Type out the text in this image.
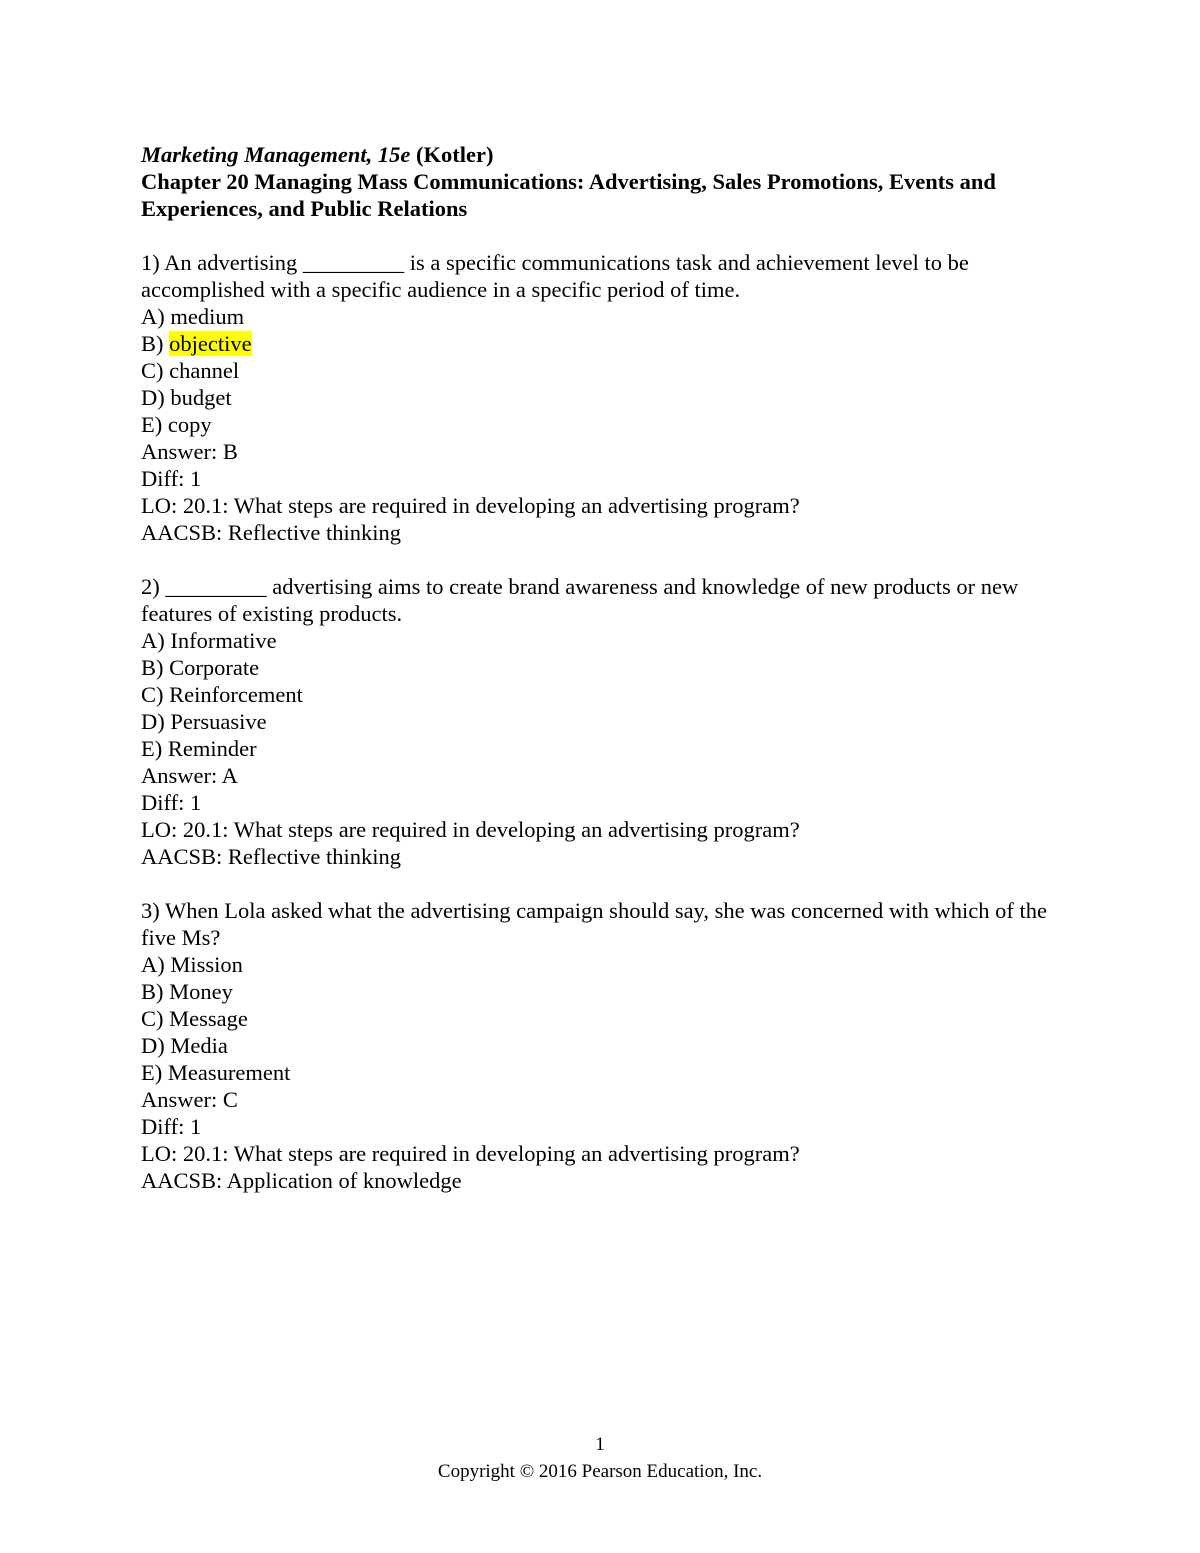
Marketing Management, 15e (Kotler)
Chapter 20 Managing Mass Communications: Advertising, Sales Promotions, Events and Experiences, and Public Relations
1) An advertising _________ is a specific communications task and achievement level to be accomplished with a specific audience in a specific period of time.
A) medium
B) objective
C) channel
D) budget
E) copy
Answer: B
Diff: 1
LO: 20.1: What steps are required in developing an advertising program?
AACSB: Reflective thinking
2) _________ advertising aims to create brand awareness and knowledge of new products or new features of existing products.
A) Informative
B) Corporate
C) Reinforcement
D) Persuasive
E) Reminder
Answer: A
Diff: 1
LO: 20.1: What steps are required in developing an advertising program?
AACSB: Reflective thinking
3) When Lola asked what the advertising campaign should say, she was concerned with which of the five Ms?
A) Mission
B) Money
C) Message
D) Media
E) Measurement
Answer: C
Diff: 1
LO: 20.1: What steps are required in developing an advertising program?
AACSB: Application of knowledge
1
Copyright © 2016 Pearson Education, Inc.
